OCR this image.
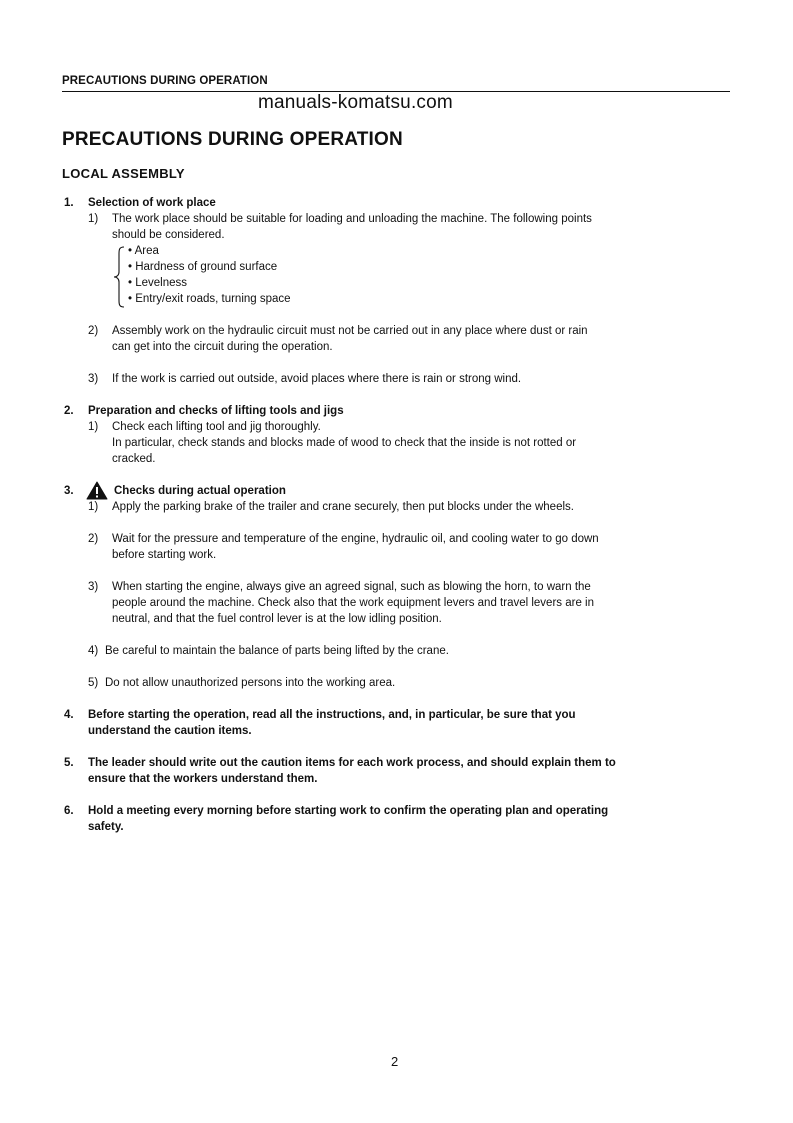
PRECAUTIONS DURING OPERATION
manuals-komatsu.com
PRECAUTIONS DURING OPERATION
LOCAL ASSEMBLY
1. Selection of work place
1) The work place should be suitable for loading and unloading the machine. The following points
should be considered.
• Area
• Hardness of ground surface
• Levelness
• Entry/exit roads, turning space
2) Assembly work on the hydraulic circuit must not be carried out in any place where dust or rain
can get into the circuit during the operation.
3) If the work is carried out outside, avoid places where there is rain or strong wind.
2. Preparation and checks of lifting tools and jigs
1) Check each lifting tool and jig thoroughly.
In particular, check stands and blocks made of wood to check that the inside is not rotted or
cracked.
3.	Checks during actual operation
1) Apply the parking brake of the trailer and crane securely, then put blocks under the wheels.
2) Wait for the pressure and temperature of the engine, hydraulic oil, and cooling water to go down
before starting work.
3) When starting the engine, always give an agreed signal, such as blowing the horn, to warn the
people around the machine. Check also that the work equipment levers and travel levers are in
neutral, and that the fuel control lever is at the low idling position.
4) Be careful to maintain the balance of parts being lifted by the crane.
5) Do not allow unauthorized persons into the working area.
4. Before starting the operation, read all the instructions, and, in particular, be sure that you
understand the caution items.
5. The leader should write out the caution items for each work process, and should explain them to
ensure that the workers understand them.
6. Hold a meeting every morning before starting work to confirm the operating plan and operating
safety.
2
